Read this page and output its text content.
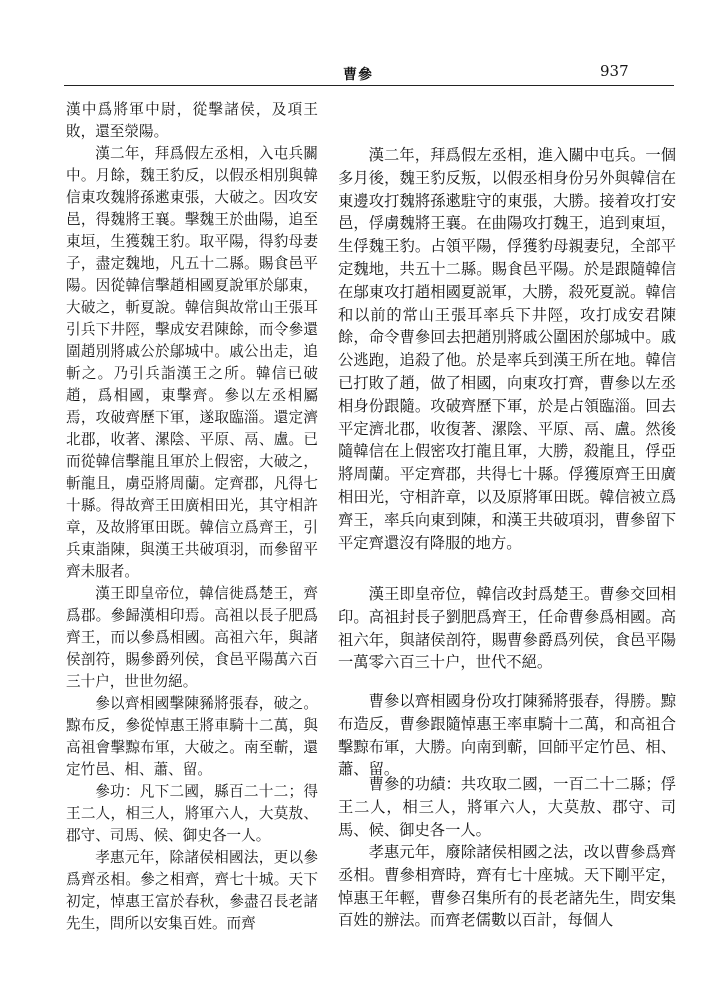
曹參	937

漢中爲將軍中尉，從擊諸侯，及項王敗，還至滎陽。

漢二年，拜爲假左丞相，入屯兵關中。月餘，魏王豹反，以假丞相別與韓信東攻魏將孫遬東張，大破之。因攻安邑，得魏將王襄。擊魏王於曲陽，追至東垣，生獲魏王豹。取平陽，得豹母妻子，盡定魏地，凡五十二縣。賜食邑平陽。因從韓信擊趙相國夏說軍於鄔東，大破之，斬夏說。韓信與故常山王張耳引兵下井陘，擊成安君陳餘，而令參還圍趙別將戚公於鄔城中。戚公出走，追斬之。乃引兵詣漢王之所。韓信已破趙，爲相國，東擊齊。參以左丞相屬焉，攻破齊歷下軍，遂取臨淄。還定濟北郡，收著、漯陰、平原、鬲、盧。已而從韓信擊龍且軍於上假密，大破之，斬龍且，虜亞將周蘭。定齊郡，凡得七十縣。得故齊王田廣相田光，其守相許章，及故將軍田既。韓信立爲齊王，引兵東詣陳，與漢王共破項羽，而參留平齊未服者。

漢王即皇帝位，韓信徙爲楚王，齊爲郡。參歸漢相印焉。高祖以長子肥爲齊王，而以參爲相國。高祖六年，與諸侯剖符，賜參爵列侯，食邑平陽萬六百三十户，世世勿絕。

參以齊相國擊陳豨將張春，破之。黥布反，參從悼惠王將車騎十二萬，與高祖會擊黥布軍，大破之。南至蘄，還定竹邑、相、蕭、留。

參功：凡下二國，縣百二十二；得王二人，相三人，將軍六人，大莫敖、郡守、司馬、候、御史各一人。

孝惠元年，除諸侯相國法，更以參爲齊丞相。參之相齊，齊七十城。天下初定，悼惠王富於春秋，參盡召長老諸先生，問所以安集百姓。而齊

漢二年，拜爲假左丞相，進入關中屯兵。一個多月後，魏王豹反叛，以假丞相身份另外與韓信在東邊攻打魏將孫遬駐守的東張，大勝。接着攻打安邑，俘虜魏將王襄。在曲陽攻打魏王，追到東垣，生俘魏王豹。占領平陽，俘獲豹母親妻兒，全部平定魏地，共五十二縣。賜食邑平陽。於是跟隨韓信在鄔東攻打趙相國夏説軍，大勝，殺死夏説。韓信和以前的常山王張耳率兵下井陘，攻打成安君陳餘，命令曹參回去把趙別將戚公圍困於鄔城中。戚公逃跑，追殺了他。於是率兵到漢王所在地。韓信已打敗了趙，做了相國，向東攻打齊，曹參以左丞相身份跟隨。攻破齊歷下軍，於是占領臨淄。回去平定濟北郡，收復著、漯陰、平原、鬲、盧。然後隨韓信在上假密攻打龍且軍，大勝，殺龍且，俘亞將周蘭。平定齊郡，共得七十縣。俘獲原齊王田廣相田光，守相許章，以及原將軍田既。韓信被立爲齊王，率兵向東到陳，和漢王共破項羽，曹參留下平定齊還沒有降服的地方。

漢王即皇帝位，韓信改封爲楚王。曹參交回相印。高祖封長子劉肥爲齊王，任命曹參爲相國。高祖六年，與諸侯剖符，賜曹參爵爲列侯，食邑平陽一萬零六百三十户，世代不絕。

曹參以齊相國身份攻打陳豨將張春，得勝。黥布造反，曹參跟隨悼惠王率車騎十二萬，和高祖合擊黥布軍，大勝。向南到蘄，回師平定竹邑、相、蕭、留。

曹參的功績：共攻取二國，一百二十二縣；俘王二人，相三人，將軍六人，大莫敖、郡守、司馬、候、御史各一人。

孝惠元年，廢除諸侯相國之法，改以曹參爲齊丞相。曹參相齊時，齊有七十座城。天下剛平定，悼惠王年輕，曹參召集所有的長老諸先生，問安集百姓的辦法。而齊老儒數以百計，每個人
